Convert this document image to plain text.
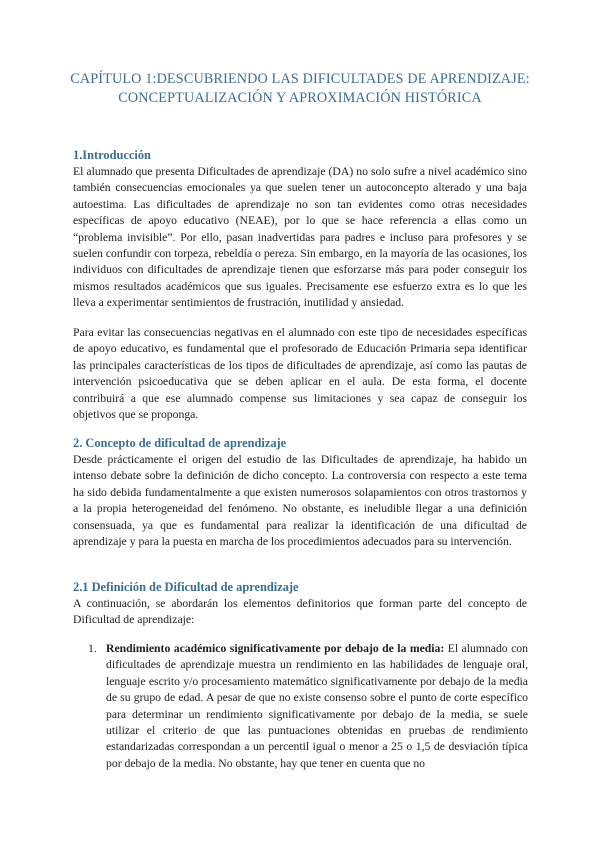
CAPÍTULO 1:DESCUBRIENDO LAS DIFICULTADES DE APRENDIZAJE: CONCEPTUALIZACIÓN Y APROXIMACIÓN HISTÓRICA
1.Introducción

El alumnado que presenta Dificultades de aprendizaje (DA) no solo sufre a nivel académico sino también consecuencias emocionales ya que suelen tener un autoconcepto alterado y una baja autoestima. Las dificultades de aprendizaje no son tan evidentes como otras necesidades específicas de apoyo educativo (NEAE), por lo que se hace referencia a ellas como un “problema invisible”. Por ello, pasan inadvertidas para padres e incluso para profesores y se suelen confundir con torpeza, rebeldía o pereza. Sin embargo, en la mayoría de las ocasiones, los individuos con dificultades de aprendizaje tienen que esforzarse más para poder conseguir los mismos resultados académicos que sus iguales. Precisamente ese esfuerzo extra es lo que les lleva a experimentar sentimientos de frustración, inutilidad y ansiedad.

Para evitar las consecuencias negativas en el alumnado con este tipo de necesidades específicas de apoyo educativo, es fundamental que el profesorado de Educación Primaria sepa identificar las principales características de los tipos de dificultades de aprendizaje, así como las pautas de intervención psicoeducativa que se deben aplicar en el aula. De esta forma, el docente contribuirá a que ese alumnado compense sus limitaciones y sea capaz de conseguir los objetivos que se proponga.

2. Concepto de dificultad de aprendizaje

Desde prácticamente el origen del estudio de las Dificultades de aprendizaje, ha habido un intenso debate sobre la definición de dicho concepto. La controversia con respecto a este tema ha sido debida fundamentalmente a que existen numerosos solapamientos con otros trastornos y a la propia heterogeneidad del fenómeno. No obstante, es ineludible llegar a una definición consensuada, ya que es fundamental para realizar la identificación de una dificultad de aprendizaje y para la puesta en marcha de los procedimientos adecuados para su intervención.

2.1 Definición de Dificultad de aprendizaje

A continuación, se abordarán los elementos definitorios que forman parte del concepto de Dificultad de aprendizaje:

1. Rendimiento académico significativamente por debajo de la media: El alumnado con dificultades de aprendizaje muestra un rendimiento en las habilidades de lenguaje oral, lenguaje escrito y/o procesamiento matemático significativamente por debajo de la media de su grupo de edad. A pesar de que no existe consenso sobre el punto de corte específico para determinar un rendimiento significativamente por debajo de la media, se suele utilizar el criterio de que las puntuaciones obtenidas en pruebas de rendimiento estandarizadas correspondan a un percentil igual o menor a 25 o 1,5 de desviación típica por debajo de la media. No obstante, hay que tener en cuenta que no
